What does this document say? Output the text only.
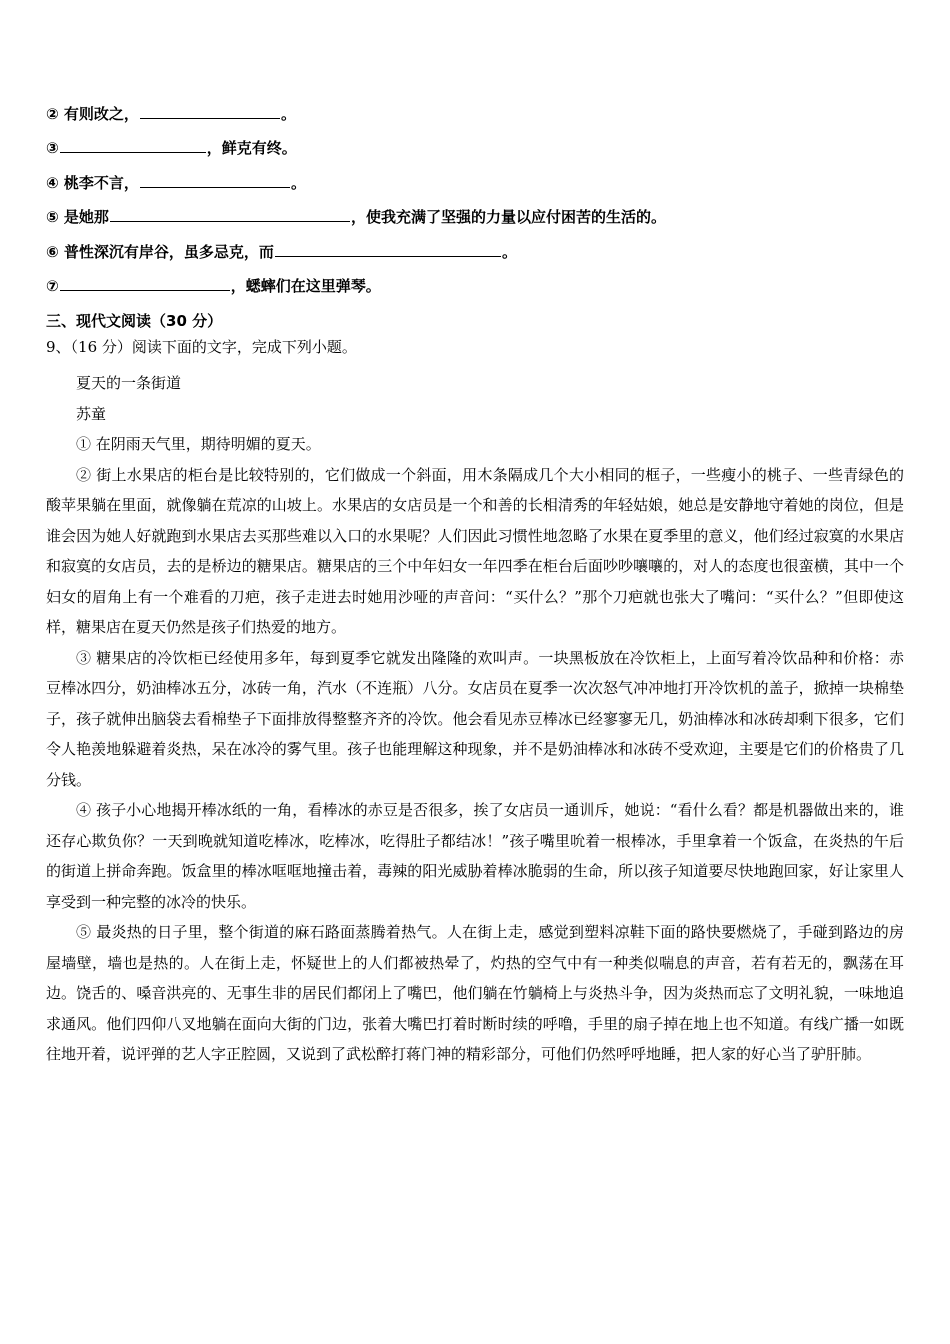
② 有则改之，	。
③	，鲜克有终。
④ 桃李不言，	。
⑤ 是她那	，使我充满了坚强的力量以应付困苦的生活的。
⑥ 普性深沉有岸谷，虽多忌克，而	。
⑦	，蟋蟀们在这里弹琴。
三、现代文阅读（30 分）
9、（16 分）阅读下面的文字，完成下列小题。

夏天的一条街道

苏童

① 在阴雨天气里，期待明媚的夏天。

② 街上水果店的柜台是比较特别的，它们做成一个斜面，用木条隔成几个大小相同的框子，一些瘦小的桃子、一些青绿色的酸苹果躺在里面，就像躺在荒凉的山坡上。水果店的女店员是一个和善的长相清秀的年轻姑娘，她总是安静地守着她的岗位，但是谁会因为她人好就跑到水果店去买那些难以入口的水果呢？人们因此习惯性地忽略了水果在夏季里的意义，他们经过寂寞的水果店和寂寞的女店员，去的是桥边的糖果店。糖果店的三个中年妇女一年四季在柜台后面吵吵嚷嚷的，对人的态度也很蛮横，其中一个妇女的眉角上有一个难看的刀疤，孩子走进去时她用沙哑的声音问：“买什么？”那个刀疤就也张大了嘴问：“买什么？”但即使这样，糖果店在夏天仍然是孩子们热爱的地方。

③ 糖果店的冷饮柜已经使用多年，每到夏季它就发出隆隆的欢叫声。一块黑板放在冷饮柜上，上面写着冷饮品种和价格：赤豆棒冰四分，奶油棒冰五分，冰砖一角，汽水（不连瓶）八分。女店员在夏季一次次怒气冲冲地打开冷饮机的盖子，掀掉一块棉垫子，孩子就伸出脑袋去看棉垫子下面排放得整整齐齐的冷饮。他会看见赤豆棒冰已经寥寥无几，奶油棒冰和冰砖却剩下很多，它们令人艳羡地躲避着炎热，呆在冰冷的雾气里。孩子也能理解这种现象，并不是奶油棒冰和冰砖不受欢迎，主要是它们的价格贵了几分钱。

④ 孩子小心地揭开棒冰纸的一角，看棒冰的赤豆是否很多，挨了女店员一通训斥，她说：“看什么看？都是机器做出来的，谁还存心欺负你？一天到晚就知道吃棒冰，吃棒冰，吃得肚子都结冰！”孩子嘴里吮着一根棒冰，手里拿着一个饭盒，在炎热的午后的街道上拼命奔跑。饭盒里的棒冰哐哐地撞击着，毒辣的阳光威胁着棒冰脆弱的生命，所以孩子知道要尽快地跑回家，好让家里人享受到一种完整的冰冷的快乐。

⑤ 最炎热的日子里，整个街道的麻石路面蒸腾着热气。人在街上走，感觉到塑料凉鞋下面的路快要燃烧了，手碰到路边的房屋墙壁，墙也是热的。人在街上走，怀疑世上的人们都被热晕了，灼热的空气中有一种类似喘息的声音，若有若无的，飘荡在耳边。饶舌的、嗓音洪亮的、无事生非的居民们都闭上了嘴巴，他们躺在竹躺椅上与炎热斗争，因为炎热而忘了文明礼貌，一味地追求通风。他们四仰八叉地躺在面向大街的门边，张着大嘴巴打着时断时续的呼噜，手里的扇子掉在地上也不知道。有线广播一如既往地开着，说评弹的艺人字正腔圆，又说到了武松醉打蒋门神的精彩部分，可他们仍然呼呼地睡，把人家的好心当了驴肝肺。
